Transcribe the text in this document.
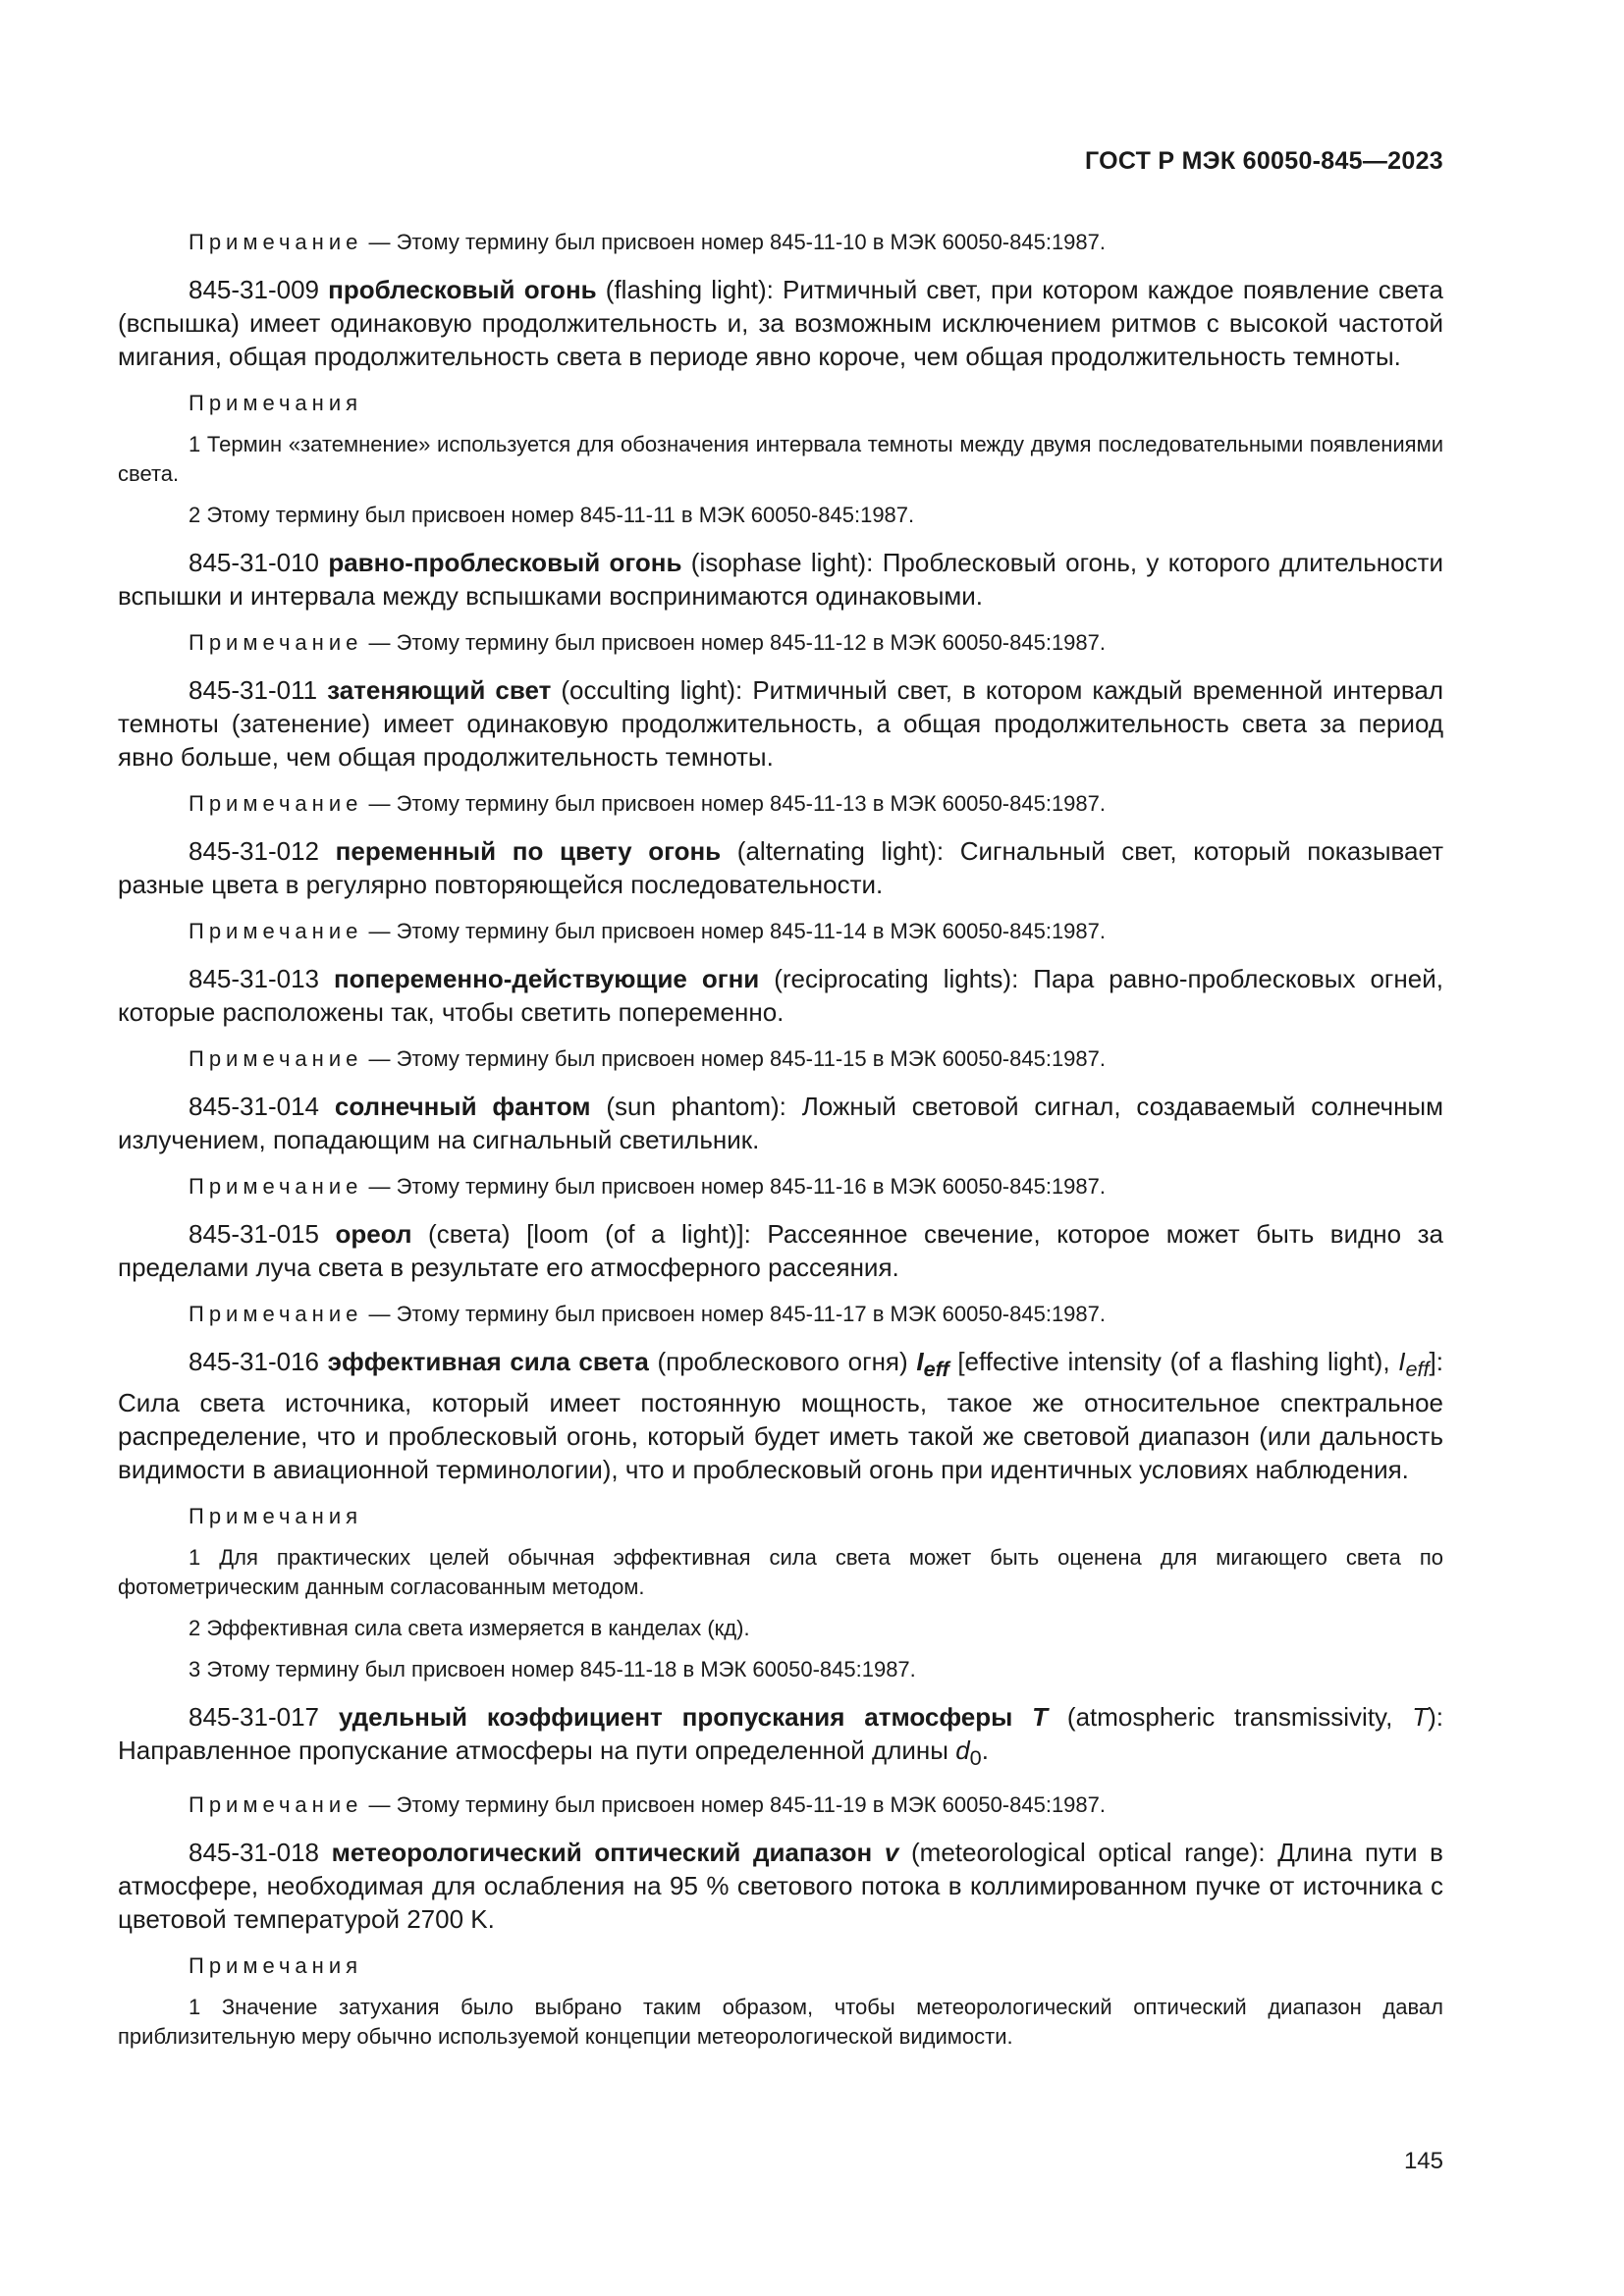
ГОСТ Р МЭК 60050-845—2023

Примечание — Этому термину был присвоен номер 845-11-10 в МЭК 60050-845:1987.

845-31-009 проблесковый огонь (flashing light): Ритмичный свет, при котором каждое появление света (вспышка) имеет одинаковую продолжительность и, за возможным исключением ритмов с высокой частотой мигания, общая продолжительность света в периоде явно короче, чем общая продолжительность темноты.

Примечания

1 Термин «затемнение» используется для обозначения интервала темноты между двумя последовательными появлениями света.

2 Этому термину был присвоен номер 845-11-11 в МЭК 60050-845:1987.

845-31-010 равно-проблесковый огонь (isophase light): Проблесковый огонь, у которого длительности вспышки и интервала между вспышками воспринимаются одинаковыми.

Примечание — Этому термину был присвоен номер 845-11-12 в МЭК 60050-845:1987.

845-31-011 затеняющий свет (occulting light): Ритмичный свет, в котором каждый временной интервал темноты (затенение) имеет одинаковую продолжительность, а общая продолжительность света за период явно больше, чем общая продолжительность темноты.

Примечание — Этому термину был присвоен номер 845-11-13 в МЭК 60050-845:1987.

845-31-012 переменный по цвету огонь (alternating light): Сигнальный свет, который показывает разные цвета в регулярно повторяющейся последовательности.

Примечание — Этому термину был присвоен номер 845-11-14 в МЭК 60050-845:1987.

845-31-013 попеременно-действующие огни (reciprocating lights): Пара равно-проблесковых огней, которые расположены так, чтобы светить попеременно.

Примечание — Этому термину был присвоен номер 845-11-15 в МЭК 60050-845:1987.

845-31-014 солнечный фантом (sun phantom): Ложный световой сигнал, создаваемый солнечным излучением, попадающим на сигнальный светильник.

Примечание — Этому термину был присвоен номер 845-11-16 в МЭК 60050-845:1987.

845-31-015 ореол (света) [loom (of a light)]: Рассеянное свечение, которое может быть видно за пределами луча света в результате его атмосферного рассеяния.

Примечание — Этому термину был присвоен номер 845-11-17 в МЭК 60050-845:1987.

845-31-016 эффективная сила света (проблескового огня) $I_{eff}$ [effective intensity (of a flashing light), $I_{eff}$]: Сила света источника, который имеет постоянную мощность, такое же относительное спектральное распределение, что и проблесковый огонь, который будет иметь такой же световой диапазон (или дальность видимости в авиационной терминологии), что и проблесковый огонь при идентичных условиях наблюдения.

Примечания

1 Для практических целей обычная эффективная сила света может быть оценена для мигающего света по фотометрическим данным согласованным методом.

2 Эффективная сила света измеряется в канделах (кд).

3 Этому термину был присвоен номер 845-11-18 в МЭК 60050-845:1987.

845-31-017 удельный коэффициент пропускания атмосферы T (atmospheric transmissivity, T): Направленное пропускание атмосферы на пути определенной длины $d_0$.

Примечание — Этому термину был присвоен номер 845-11-19 в МЭК 60050-845:1987.

845-31-018 метеорологический оптический диапазон v (meteorological optical range): Длина пути в атмосфере, необходимая для ослабления на 95 % светового потока в коллимированном пучке от источника с цветовой температурой 2700 K.

Примечания

1 Значение затухания было выбрано таким образом, чтобы метеорологический оптический диапазон давал приблизительную меру обычно используемой концепции метеорологической видимости.

145
